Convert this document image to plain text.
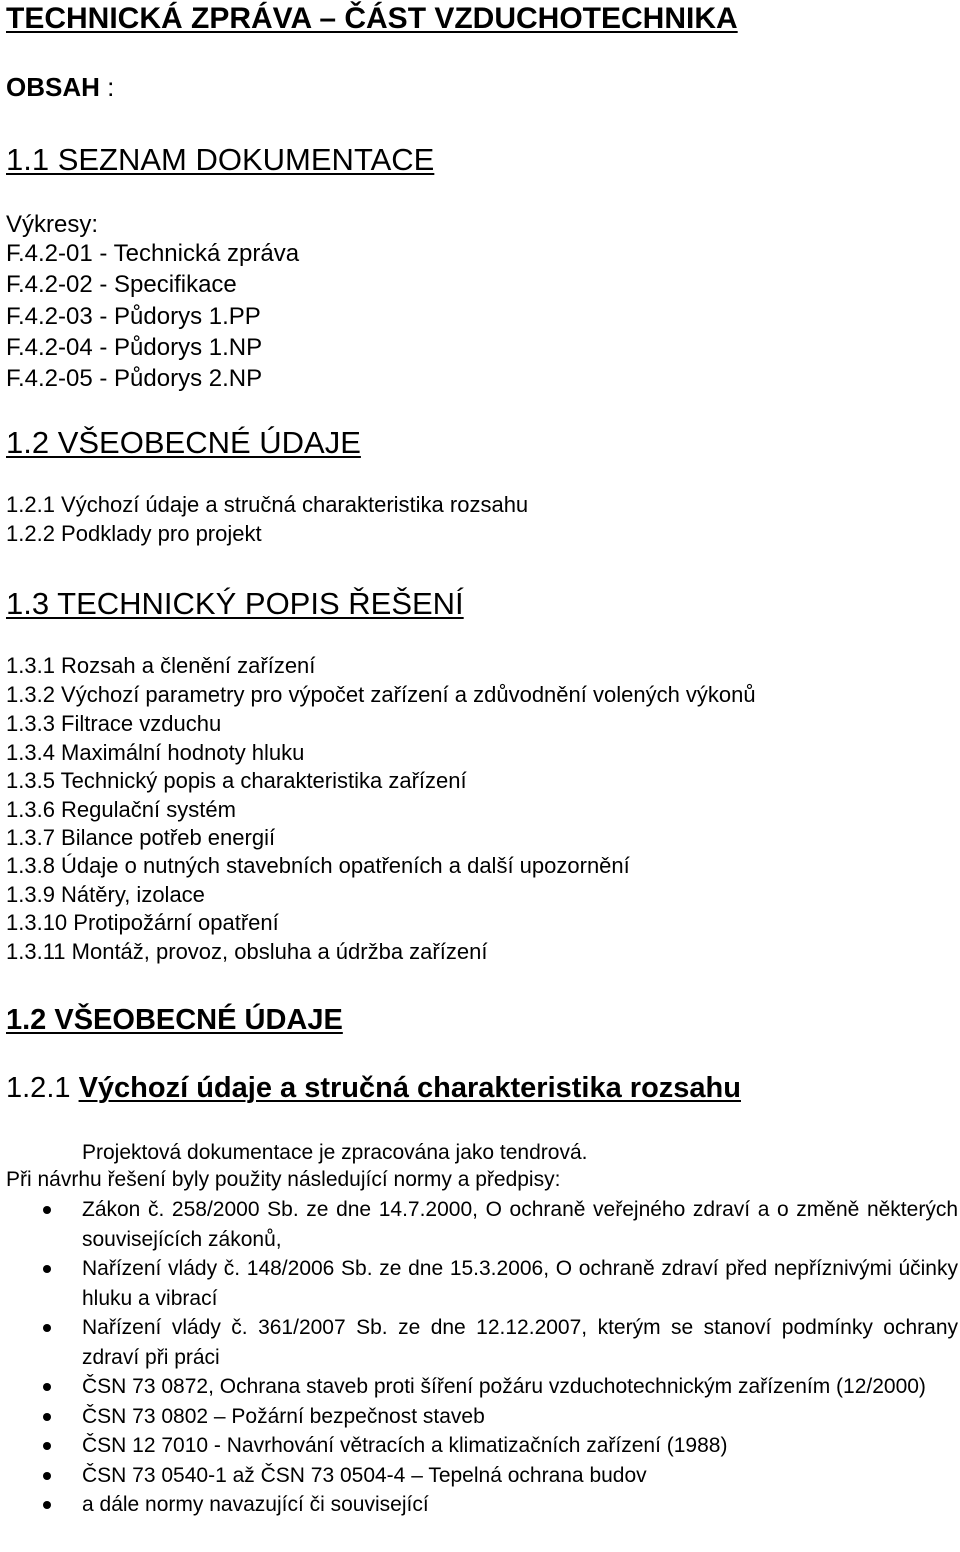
TECHNICKÁ ZPRÁVA – ČÁST VZDUCHOTECHNIKA
OBSAH :
1.1 SEZNAM DOKUMENTACE
Výkresy:
F.4.2-01 - Technická zpráva
F.4.2-02 - Specifikace
F.4.2-03 - Půdorys 1.PP
F.4.2-04 - Půdorys 1.NP
F.4.2-05 - Půdorys 2.NP
1.2 VŠEOBECNÉ ÚDAJE
1.2.1 Výchozí údaje a stručná charakteristika rozsahu
1.2.2 Podklady pro projekt
1.3 TECHNICKÝ POPIS ŘEŠENÍ
1.3.1 Rozsah a členění zařízení
1.3.2 Výchozí parametry pro výpočet zařízení a zdůvodnění volených výkonů
1.3.3 Filtrace vzduchu
1.3.4 Maximální hodnoty hluku
1.3.5 Technický popis a charakteristika zařízení
1.3.6 Regulační systém
1.3.7 Bilance potřeb energií
1.3.8 Údaje o nutných stavebních opatřeních a další upozornění
1.3.9 Nátěry, izolace
1.3.10 Protipožární opatření
1.3.11 Montáž, provoz, obsluha a údržba zařízení
1.2 VŠEOBECNÉ ÚDAJE
1.2.1 Výchozí údaje a stručná charakteristika rozsahu
Projektová dokumentace je zpracována jako tendrová.
Při návrhu řešení byly použity následující normy a předpisy:
Zákon č. 258/2000 Sb. ze dne 14.7.2000, O ochraně veřejného zdraví a o změně některých souvisejících zákonů,
Nařízení vlády č. 148/2006 Sb. ze dne 15.3.2006, O ochraně zdraví před nepříznivými účinky hluku a vibrací
Nařízení vlády č. 361/2007 Sb. ze dne 12.12.2007, kterým se stanoví podmínky ochrany zdraví při práci
ČSN 73 0872, Ochrana staveb proti šíření požáru vzduchotechnickým zařízením (12/2000)
ČSN 73 0802 – Požární bezpečnost staveb
ČSN 12 7010 - Navrhování větracích a klimatizačních zařízení (1988)
ČSN 73 0540-1 až ČSN 73 0504-4 – Tepelná ochrana budov
a dále normy navazující či související
